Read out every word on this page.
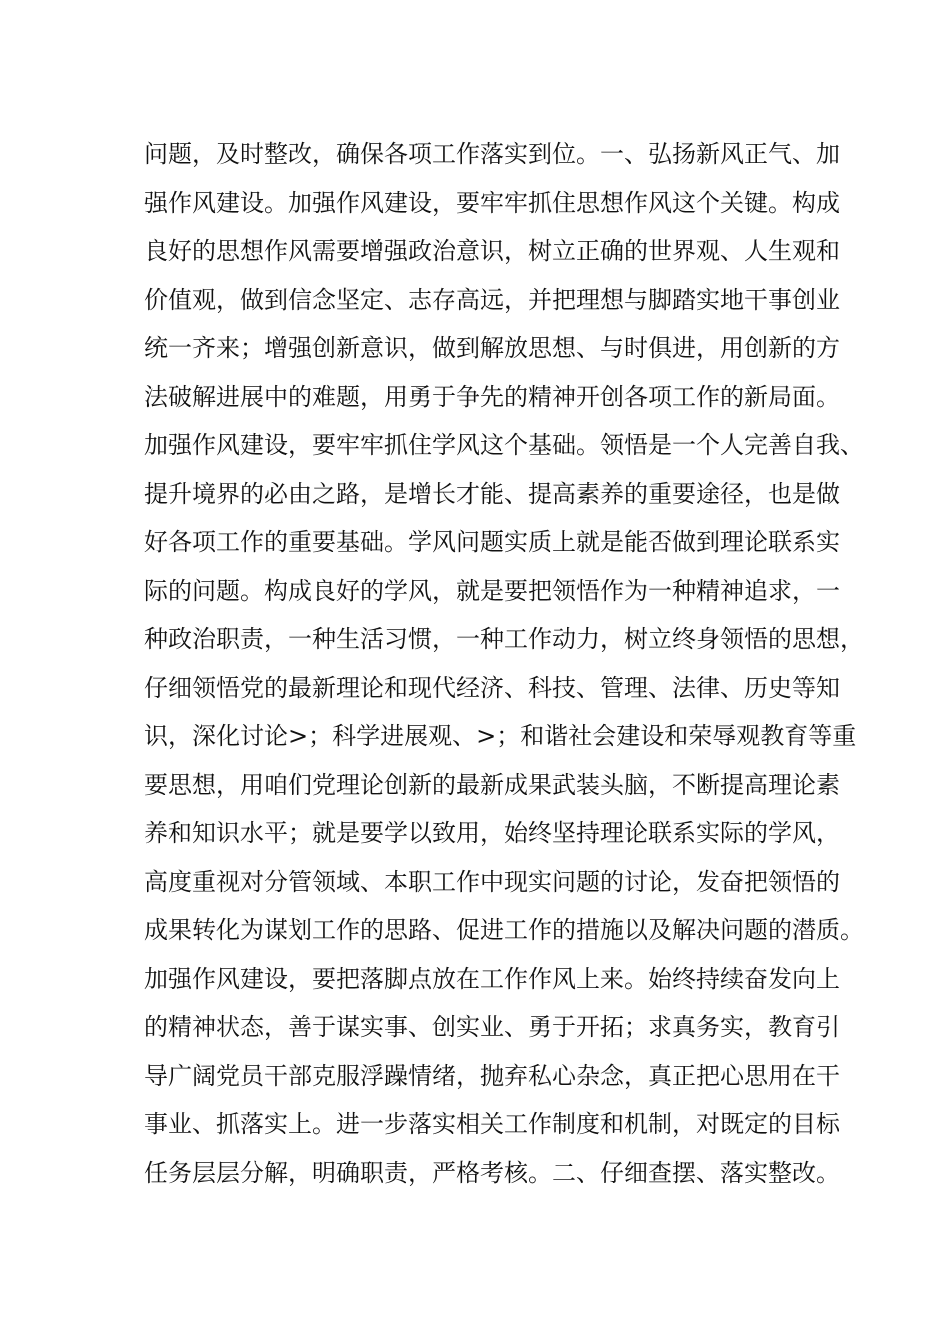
问题，及时整改，确保各项工作落实到位。一、弘扬新风正气、加
强作风建设。加强作风建设，要牢牢抓住思想作风这个关键。构成
良好的思想作风需要增强政治意识，树立正确的世界观、人生观和
价值观，做到信念坚定、志存高远，并把理想与脚踏实地干事创业
统一齐来；增强创新意识，做到解放思想、与时俱进，用创新的方
法破解进展中的难题，用勇于争先的精神开创各项工作的新局面。
加强作风建设，要牢牢抓住学风这个基础。领悟是一个人完善自我、
提升境界的必由之路，是增长才能、提高素养的重要途径，也是做
好各项工作的重要基础。学风问题实质上就是能否做到理论联系实
际的问题。构成良好的学风，就是要把领悟作为一种精神追求，一
种政治职责，一种生活习惯，一种工作动力，树立终身领悟的思想，
仔细领悟党的最新理论和现代经济、科技、管理、法律、历史等知
识，深化讨论>；科学进展观、>；和谐社会建设和荣辱观教育等重
要思想，用咱们党理论创新的最新成果武装头脑，不断提高理论素
养和知识水平；就是要学以致用，始终坚持理论联系实际的学风，
高度重视对分管领域、本职工作中现实问题的讨论，发奋把领悟的
成果转化为谋划工作的思路、促进工作的措施以及解决问题的潜质。
加强作风建设，要把落脚点放在工作作风上来。始终持续奋发向上
的精神状态，善于谋实事、创实业、勇于开拓；求真务实，教育引
导广阔党员干部克服浮躁情绪，抛弃私心杂念，真正把心思用在干
事业、抓落实上。进一步落实相关工作制度和机制，对既定的目标
任务层层分解，明确职责，严格考核。二、仔细查摆、落实整改。
